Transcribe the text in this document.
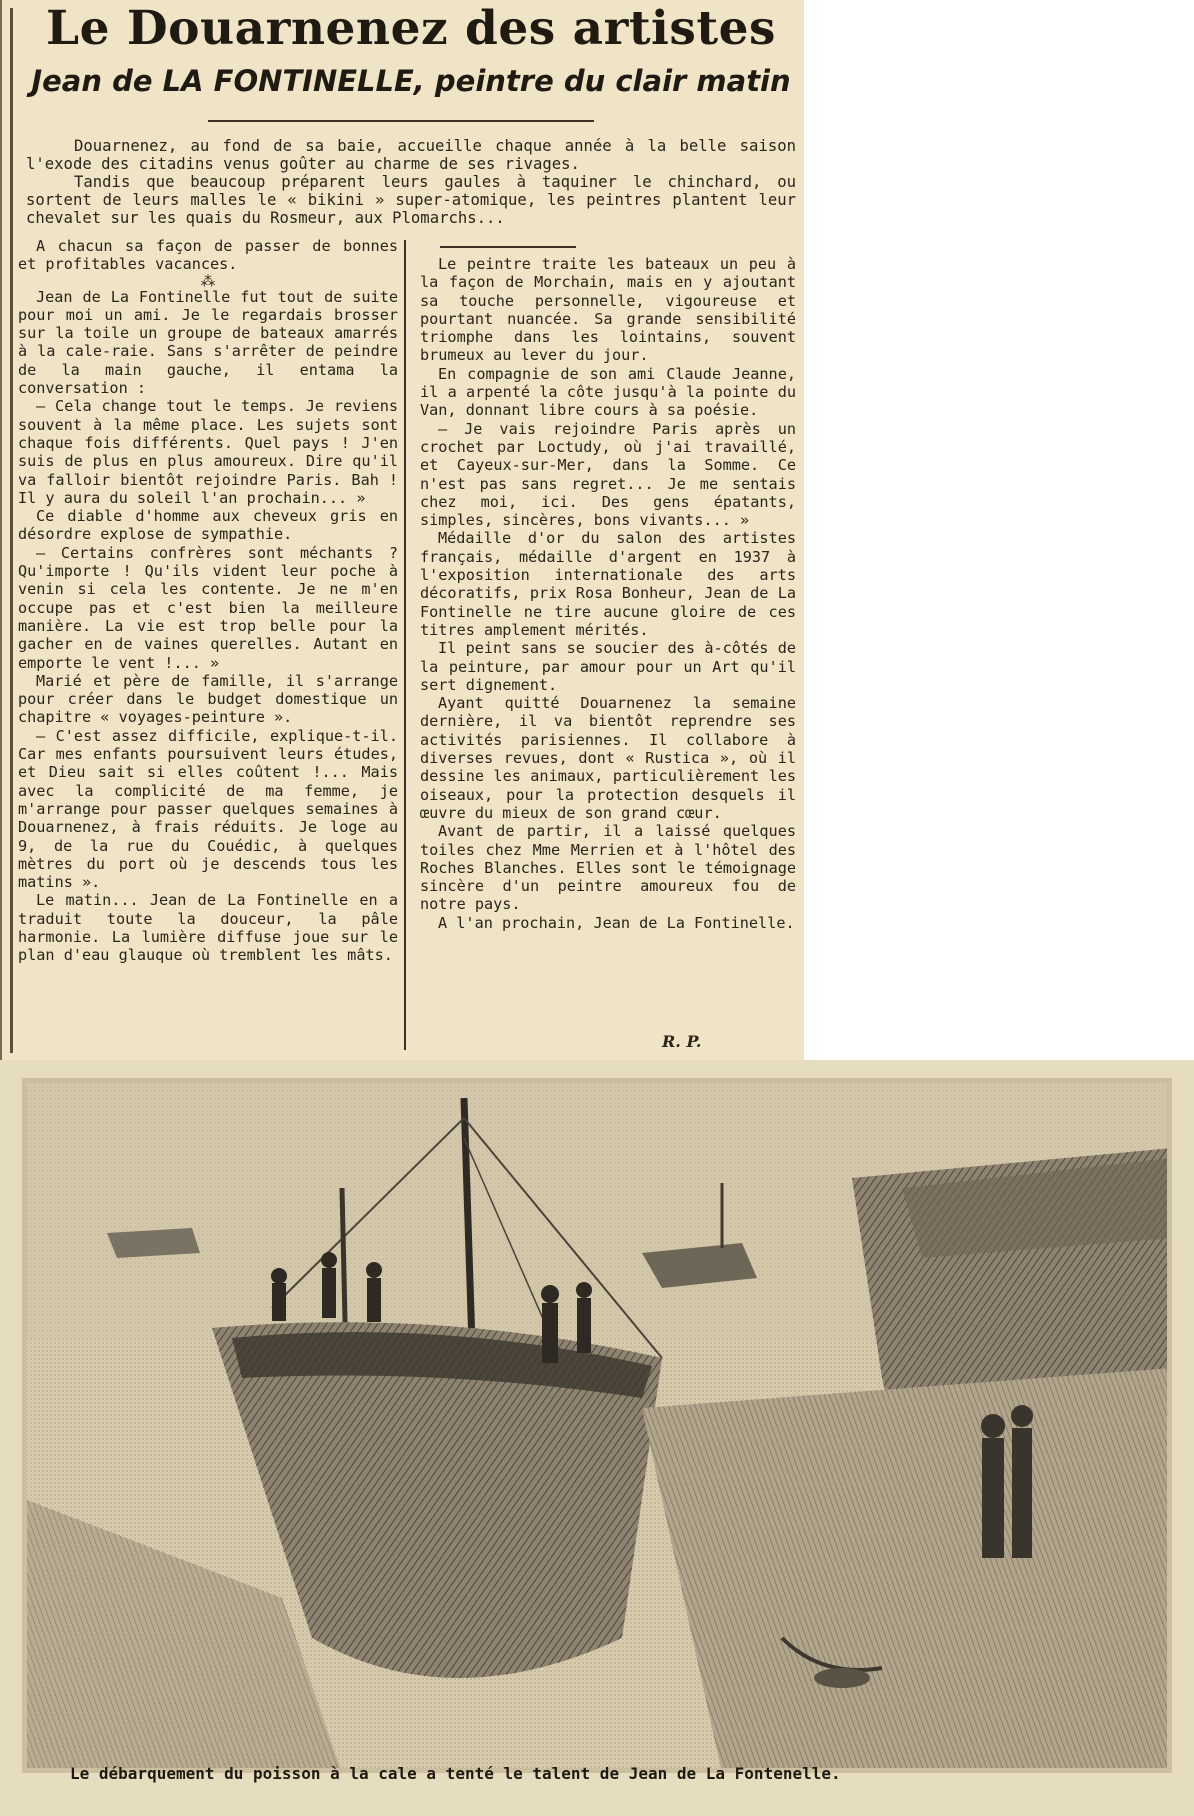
Le Douarnenez des artistes
Jean de LA FONTINELLE, peintre du clair matin

Douarnenez, au fond de sa baie, accueille chaque année à la belle saison l'exode des citadins venus goûter au charme de ses rivages.

Tandis que beaucoup préparent leurs gaules à taquiner le chinchard, ou sortent de leurs malles le « bikini » super-atomique, les peintres plantent leur chevalet sur les quais du Rosmeur, aux Plomarchs...

A chacun sa façon de passer de bonnes et profitables vacances.

⁂

Jean de La Fontinelle fut tout de suite pour moi un ami. Je le regardais brosser sur la toile un groupe de bateaux amarrés à la cale-raie. Sans s'arrêter de peindre de la main gauche, il entama la conversation :

— Cela change tout le temps. Je reviens souvent à la même place. Les sujets sont chaque fois différents. Quel pays ! J'en suis de plus en plus amoureux. Dire qu'il va falloir bientôt rejoindre Paris. Bah ! Il y aura du soleil l'an prochain... »

Ce diable d'homme aux cheveux gris en désordre explose de sympathie.

— Certains confrères sont méchants ? Qu'importe ! Qu'ils vident leur poche à venin si cela les contente. Je ne m'en occupe pas et c'est bien la meilleure manière. La vie est trop belle pour la gacher en de vaines querelles. Autant en emporte le vent !... »

Marié et père de famille, il s'arrange pour créer dans le budget domestique un chapitre « voyages-peinture ».

— C'est assez difficile, explique-t-il. Car mes enfants poursuivent leurs études, et Dieu sait si elles coûtent !... Mais avec la complicité de ma femme, je m'arrange pour passer quelques semaines à Douarnenez, à frais réduits. Je loge au 9, de la rue du Couédic, à quelques mètres du port où je descends tous les matins ».

Le matin... Jean de La Fontinelle en a traduit toute la douceur, la pâle harmonie. La lumière diffuse joue sur le plan d'eau glauque où tremblent les mâts.

Le peintre traite les bateaux un peu à la façon de Morchain, mais en y ajoutant sa touche personnelle, vigoureuse et pourtant nuancée. Sa grande sensibilité triomphe dans les lointains, souvent brumeux au lever du jour.

En compagnie de son ami Claude Jeanne, il a arpenté la côte jusqu'à la pointe du Van, donnant libre cours à sa poésie.

— Je vais rejoindre Paris après un crochet par Loctudy, où j'ai travaillé, et Cayeux-sur-Mer, dans la Somme. Ce n'est pas sans regret... Je me sentais chez moi, ici. Des gens épatants, simples, sincères, bons vivants... »

Médaille d'or du salon des artistes français, médaille d'argent en 1937 à l'exposition internationale des arts décoratifs, prix Rosa Bonheur, Jean de La Fontinelle ne tire aucune gloire de ces titres amplement mérités.

Il peint sans se soucier des à-côtés de la peinture, par amour pour un Art qu'il sert dignement.

Ayant quitté Douarnenez la semaine dernière, il va bientôt reprendre ses activités parisiennes. Il collabore à diverses revues, dont « Rustica », où il dessine les animaux, particulièrement les oiseaux, pour la protection desquels il œuvre du mieux de son grand cœur.

Avant de partir, il a laissé quelques toiles chez Mme Merrien et à l'hôtel des Roches Blanches. Elles sont le témoignage sincère d'un peintre amoureux fou de notre pays.

A l'an prochain, Jean de La Fontinelle.

R. P.
Le débarquement du poisson à la cale a tenté le talent de Jean de La Fontenelle.
